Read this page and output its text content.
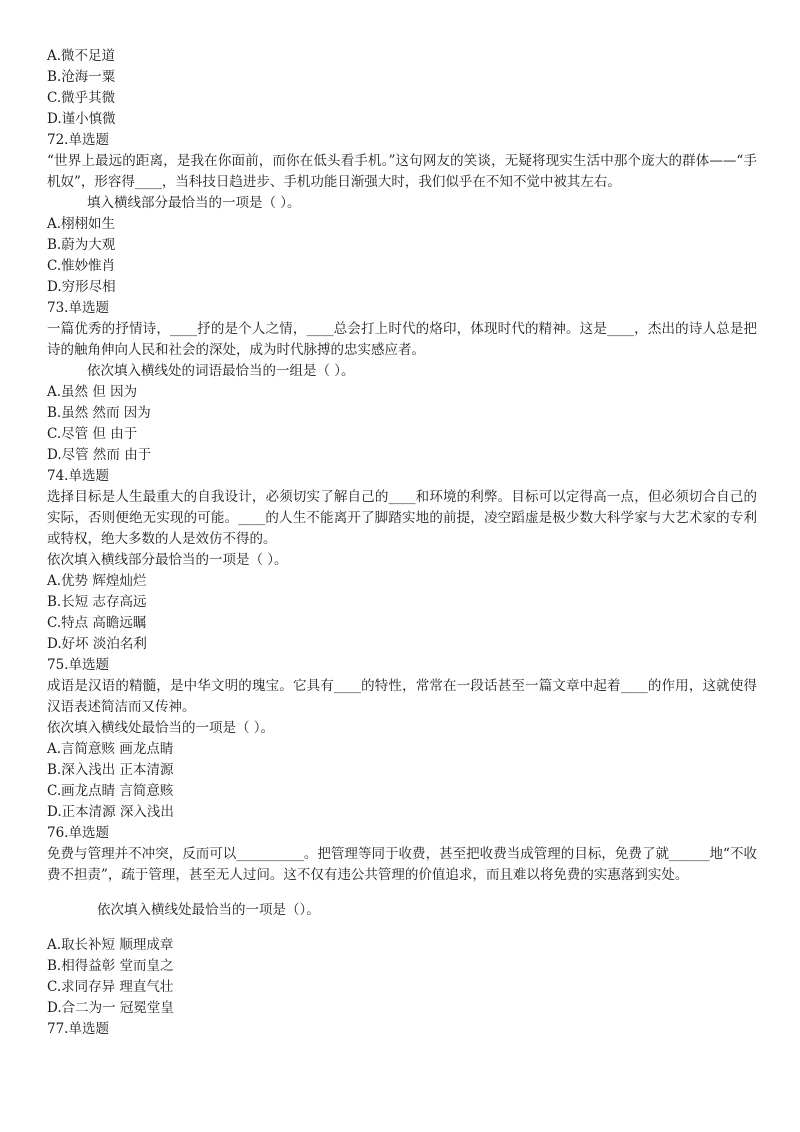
A.微不足道
B.沧海一粟
C.微乎其微
D.谨小慎微
72.单选题
“世界上最远的距离，是我在你面前，而你在低头看手机。”这句网友的笑谈，无疑将现实生活中那个庞大的群体——“手机奴”，形容得____，当科技日趋进步、手机功能日渐强大时，我们似乎在不知不觉中被其左右。
填入横线部分最恰当的一项是（ ）。
A.栩栩如生
B.蔚为大观
C.惟妙惟肖
D.穷形尽相
73.单选题
一篇优秀的抒情诗，____抒的是个人之情，____总会打上时代的烙印，体现时代的精神。这是____，杰出的诗人总是把诗的触角伸向人民和社会的深处，成为时代脉搏的忠实感应者。
依次填入横线处的词语最恰当的一组是（ ）。
A.虽然 但 因为
B.虽然 然而 因为
C.尽管 但 由于
D.尽管 然而 由于
74.单选题
选择目标是人生最重大的自我设计，必须切实了解自己的____和环境的利弊。目标可以定得高一点，但必须切合自己的实际，否则便绝无实现的可能。____的人生不能离开了脚踏实地的前提，凌空蹈虚是极少数大科学家与大艺术家的专利或特权，绝大多数的人是效仿不得的。
依次填入横线部分最恰当的一项是（ ）。
A.优势 辉煌灿烂
B.长短 志存高远
C.特点 高瞻远瞩
D.好坏 淡泊名利
75.单选题
成语是汉语的精髓，是中华文明的瑰宝。它具有____的特性，常常在一段话甚至一篇文章中起着____的作用，这就使得汉语表述简洁而又传神。
依次填入横线处最恰当的一项是（ ）。
A.言简意赅 画龙点睛
B.深入浅出 正本清源
C.画龙点睛 言简意赅
D.正本清源 深入浅出
76.单选题
免费与管理并不冲突，反而可以__________。把管理等同于收费，甚至把收费当成管理的目标，免费了就______地“不收费不担责”，疏于管理，甚至无人过问。这不仅有违公共管理的价值追求，而且难以将免费的实惠落到实处。
依次填入横线处最恰当的一项是（）。
A.取长补短 顺理成章
B.相得益彰 堂而皇之
C.求同存异 理直气壮
D.合二为一 冠冕堂皇
77.单选题
